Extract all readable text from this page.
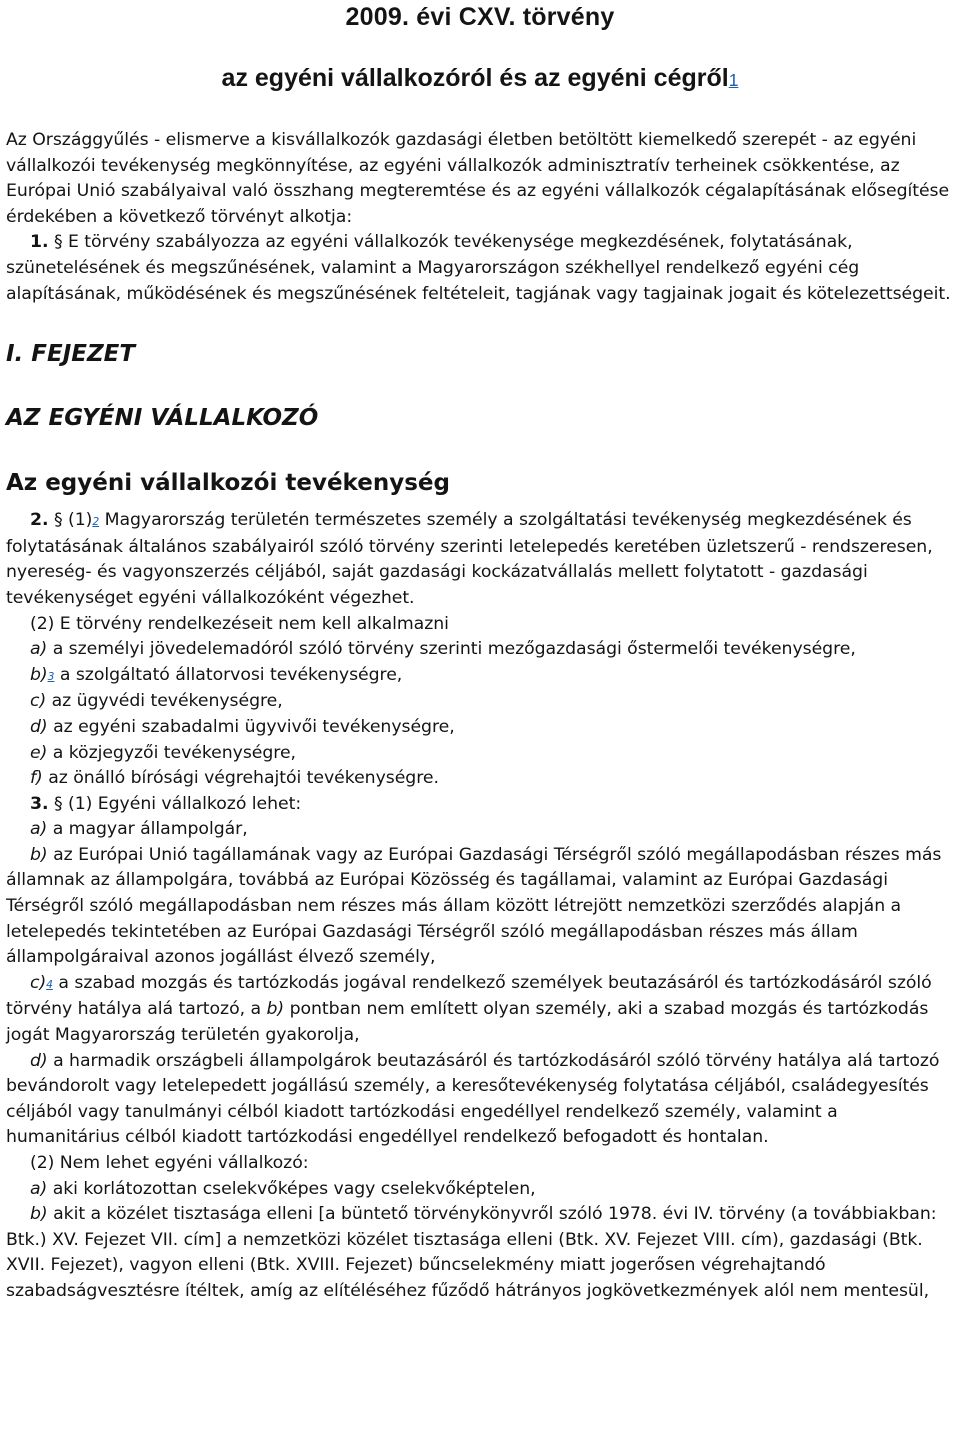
2009. évi CXV. törvény
az egyéni vállalkozóról és az egyéni cégről1

Az Országgyűlés - elismerve a kisvállalkozók gazdasági életben betöltött kiemelkedő szerepét - az egyéni vállalkozói tevékenység megkönnyítése, az egyéni vállalkozók adminisztratív terheinek csökkentése, az Európai Unió szabályaival való összhang megteremtése és az egyéni vállalkozók cégalapításának elősegítése érdekében a következő törvényt alkotja:

1. § E törvény szabályozza az egyéni vállalkozók tevékenysége megkezdésének, folytatásának, szünetelésének és megszűnésének, valamint a Magyarországon székhellyel rendelkező egyéni cég alapításának, működésének és megszűnésének feltételeit, tagjának vagy tagjainak jogait és kötelezettségeit.

I. FEJEZET
AZ EGYÉNI VÁLLALKOZÓ
Az egyéni vállalkozói tevékenység

2. § (1)2 Magyarország területén természetes személy a szolgáltatási tevékenység megkezdésének és folytatásának általános szabályairól szóló törvény szerinti letelepedés keretében üzletszerű - rendszeresen, nyereség- és vagyonszerzés céljából, saját gazdasági kockázatvállalás mellett folytatott - gazdasági tevékenységet egyéni vállalkozóként végezhet.

(2) E törvény rendelkezéseit nem kell alkalmazni

a) a személyi jövedelemadóról szóló törvény szerinti mezőgazdasági őstermelői tevékenységre,

b)3 a szolgáltató állatorvosi tevékenységre,

c) az ügyvédi tevékenységre,

d) az egyéni szabadalmi ügyvivői tevékenységre,

e) a közjegyzői tevékenységre,

f) az önálló bírósági végrehajtói tevékenységre.

3. § (1) Egyéni vállalkozó lehet:

a) a magyar állampolgár,

b) az Európai Unió tagállamának vagy az Európai Gazdasági Térségről szóló megállapodásban részes más államnak az állampolgára, továbbá az Európai Közösség és tagállamai, valamint az Európai Gazdasági Térségről szóló megállapodásban nem részes más állam között létrejött nemzetközi szerződés alapján a letelepedés tekintetében az Európai Gazdasági Térségről szóló megállapodásban részes más állam állampolgáraival azonos jogállást élvező személy,

c)4 a szabad mozgás és tartózkodás jogával rendelkező személyek beutazásáról és tartózkodásáról szóló törvény hatálya alá tartozó, a b) pontban nem említett olyan személy, aki a szabad mozgás és tartózkodás jogát Magyarország területén gyakorolja,

d) a harmadik országbeli állampolgárok beutazásáról és tartózkodásáról szóló törvény hatálya alá tartozó bevándorolt vagy letelepedett jogállású személy, a keresőtevékenység folytatása céljából, családegyesítés céljából vagy tanulmányi célból kiadott tartózkodási engedéllyel rendelkező személy, valamint a humanitárius célból kiadott tartózkodási engedéllyel rendelkező befogadott és hontalan.

(2) Nem lehet egyéni vállalkozó:

a) aki korlátozottan cselekvőképes vagy cselekvőképtelen,

b) akit a közélet tisztasága elleni [a büntető törvénykönyvről szóló 1978. évi IV. törvény (a továbbiakban: Btk.) XV. Fejezet VII. cím] a nemzetközi közélet tisztasága elleni (Btk. XV. Fejezet VIII. cím), gazdasági (Btk. XVII. Fejezet), vagyon elleni (Btk. XVIII. Fejezet) bűncselekmény miatt jogerősen végrehajtandó szabadságvesztésre ítéltek, amíg az elítéléséhez fűződő hátrányos jogkövetkezmények alól nem mentesül,
